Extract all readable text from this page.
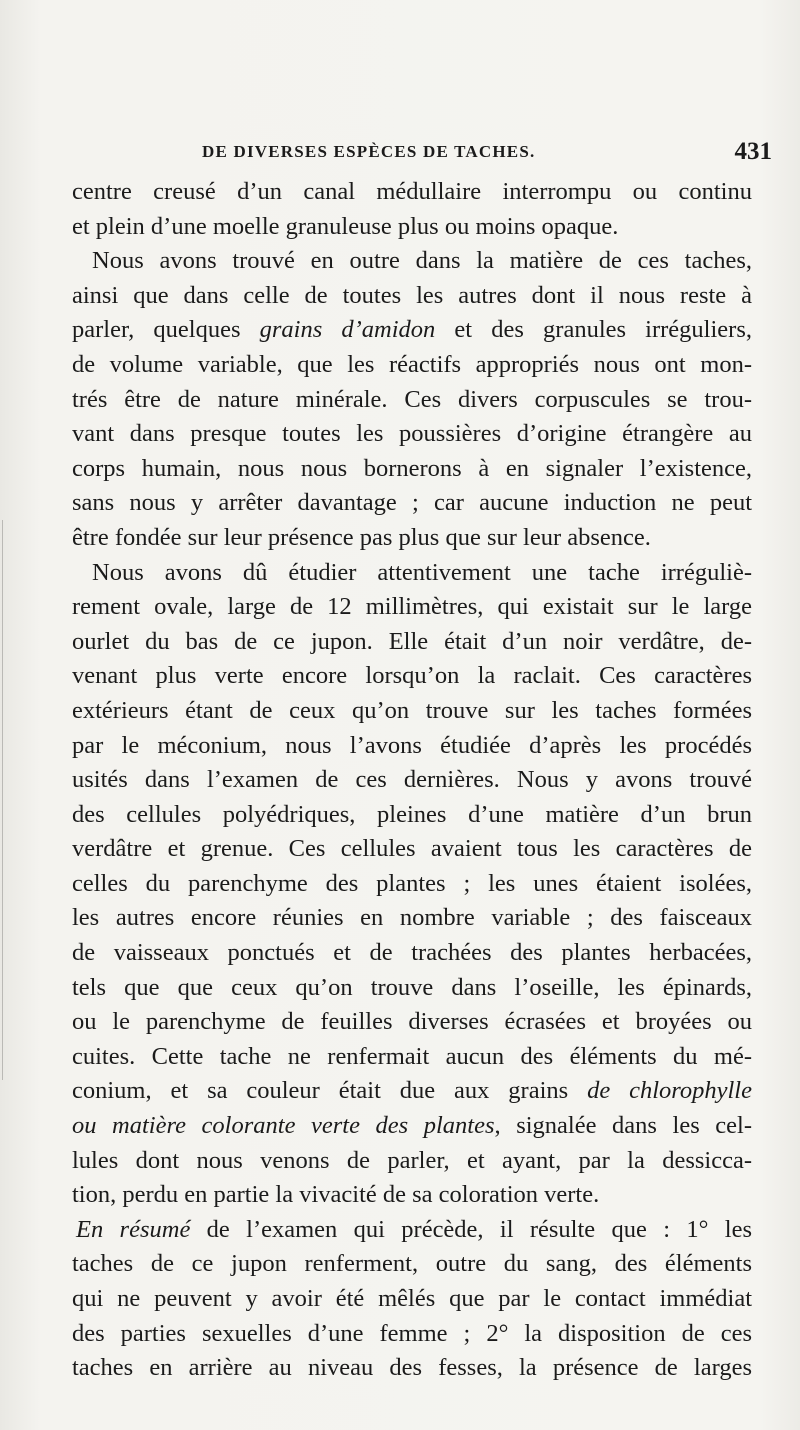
DE DIVERSES ESPÈCES DE TACHES.	431
centre creusé d’un canal médullaire interrompu ou continu
et plein d’une moelle granuleuse plus ou moins opaque.
Nous avons trouvé en outre dans la matière de ces taches,
ainsi que dans celle de toutes les autres dont il nous reste à
parler, quelques grains d’amidon et des granules irréguliers,
de volume variable, que les réactifs appropriés nous ont mon-
trés être de nature minérale. Ces divers corpuscules se trou-
vant dans presque toutes les poussières d’origine étrangère au
corps humain, nous nous bornerons à en signaler l’existence,
sans nous y arrêter davantage ; car aucune induction ne peut
être fondée sur leur présence pas plus que sur leur absence.
Nous avons dû étudier attentivement une tache irréguliè-
rement ovale, large de 12 millimètres, qui existait sur le large
ourlet du bas de ce jupon. Elle était d’un noir verdâtre, de-
venant plus verte encore lorsqu’on la raclait. Ces caractères
extérieurs étant de ceux qu’on trouve sur les taches formées
par le méconium, nous l’avons étudiée d’après les procédés
usités dans l’examen de ces dernières. Nous y avons trouvé
des cellules polyédriques, pleines d’une matière d’un brun
verdâtre et grenue. Ces cellules avaient tous les caractères de
celles du parenchyme des plantes ; les unes étaient isolées,
les autres encore réunies en nombre variable ; des faisceaux
de vaisseaux ponctués et de trachées des plantes herbacées,
tels que que ceux qu’on trouve dans l’oseille, les épinards,
ou le parenchyme de feuilles diverses écrasées et broyées ou
cuites. Cette tache ne renfermait aucun des éléments du mé-
conium, et sa couleur était due aux grains de chlorophylle
ou matière colorante verte des plantes, signalée dans les cel-
lules dont nous venons de parler, et ayant, par la dessicca-
tion, perdu en partie la vivacité de sa coloration verte.
En résumé de l’examen qui précède, il résulte que : 1° les
taches de ce jupon renferment, outre du sang, des éléments
qui ne peuvent y avoir été mêlés que par le contact immédiat
des parties sexuelles d’une femme ; 2° la disposition de ces
taches en arrière au niveau des fesses, la présence de larges
